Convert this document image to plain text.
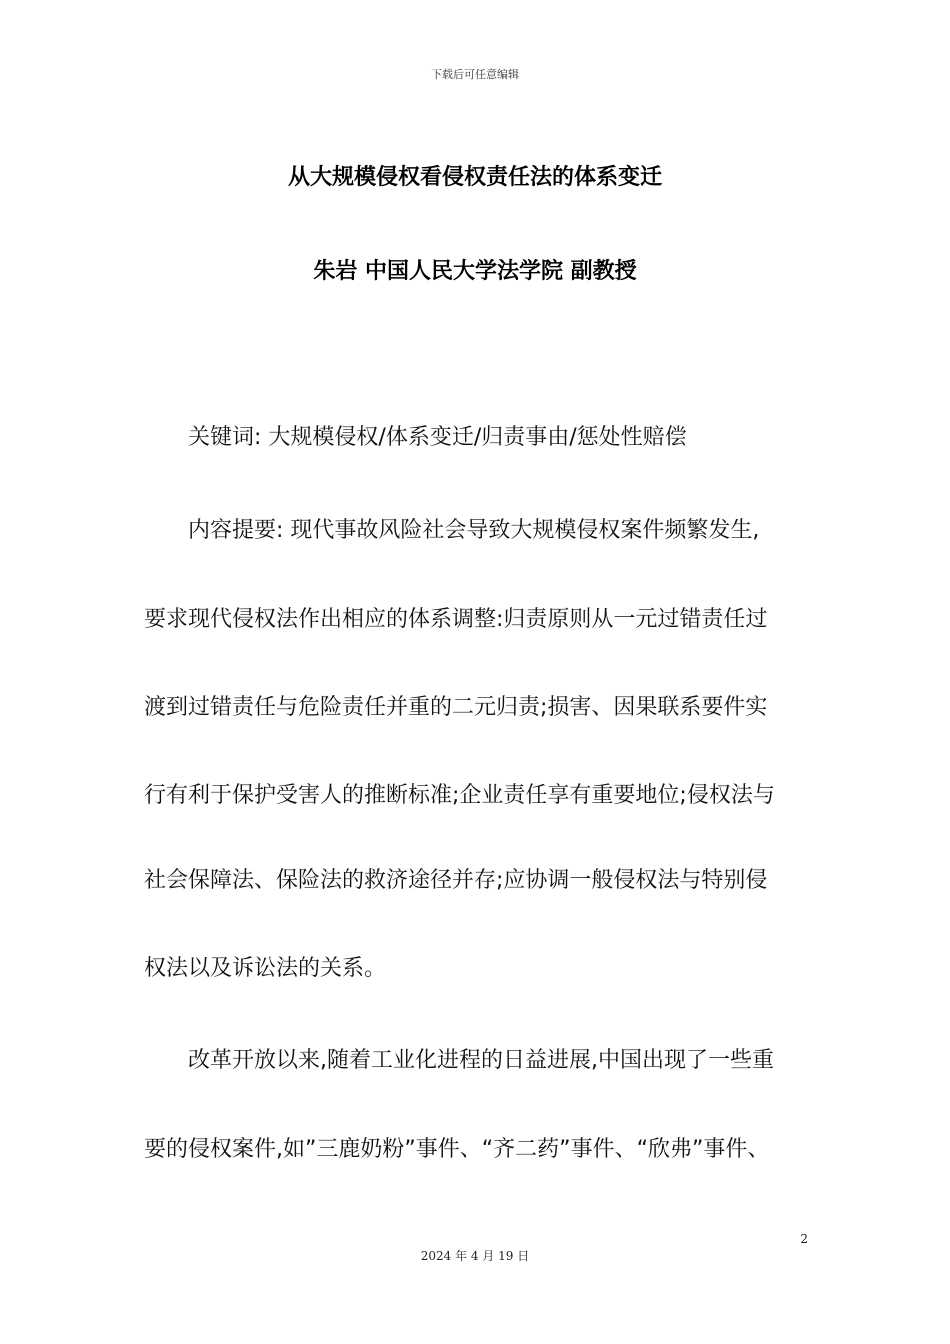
下载后可任意编辑
从大规模侵权看侵权责任法的体系变迁
朱岩 中国人民大学法学院 副教授
　　关键词: 大规模侵权/体系变迁/归责事由/惩处性赔偿
　　内容提要: 现代事故风险社会导致大规模侵权案件频繁发生,
要求现代侵权法作出相应的体系调整:归责原则从一元过错责任过
渡到过错责任与危险责任并重的二元归责;损害、因果联系要件实
行有利于保护受害人的推断标准;企业责任享有重要地位;侵权法与
社会保障法、保险法的救济途径并存;应协调一般侵权法与特别侵
权法以及诉讼法的关系。
　　改革开放以来,随着工业化进程的日益进展,中国出现了一些重
要的侵权案件,如”三鹿奶粉”事件、“齐二药”事件、“欣弗”事件、
2
2024 年 4 月 19 日
